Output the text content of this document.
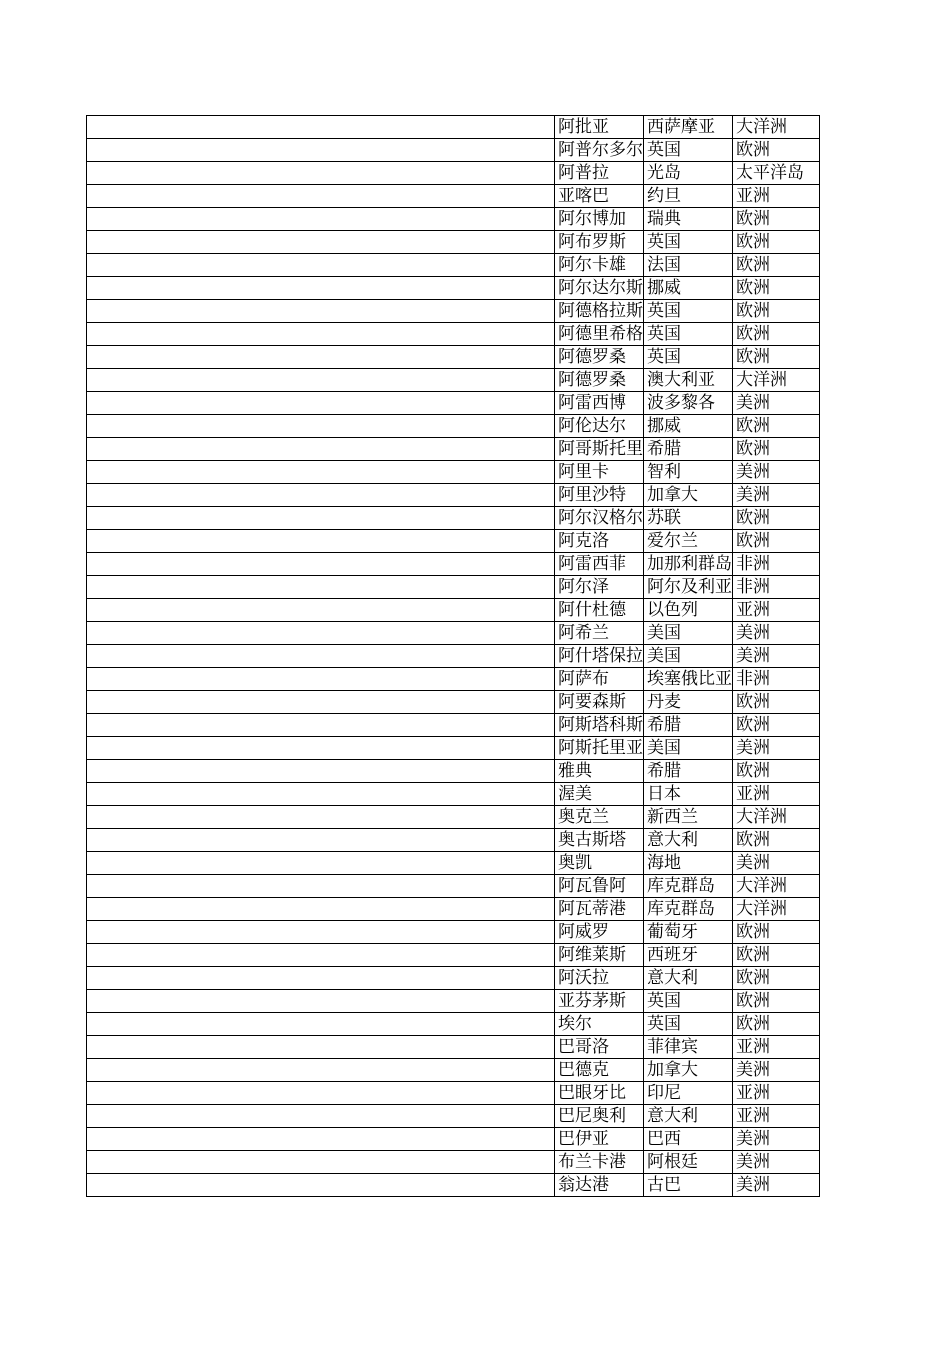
	阿批亚	西萨摩亚	大洋洲
	阿普尔多尔	英国	欧洲
	阿普拉	光岛	太平洋岛
	亚喀巴	约旦	亚洲
	阿尔博加	瑞典	欧洲
	阿布罗斯	英国	欧洲
	阿尔卡雄	法国	欧洲
	阿尔达尔斯	挪威	欧洲
	阿德格拉斯	英国	欧洲
	阿德里希格	英国	欧洲
	阿德罗桑	英国	欧洲
	阿德罗桑	澳大利亚	大洋洲
	阿雷西博	波多黎各	美洲
	阿伦达尔	挪威	欧洲
	阿哥斯托里	希腊	欧洲
	阿里卡	智利	美洲
	阿里沙特	加拿大	美洲
	阿尔汉格尔	苏联	欧洲
	阿克洛	爱尔兰	欧洲
	阿雷西菲	加那利群岛	非洲
	阿尔泽	阿尔及利亚	非洲
	阿什杜德	以色列	亚洲
	阿希兰	美国	美洲
	阿什塔保拉	美国	美洲
	阿萨布	埃塞俄比亚	非洲
	阿要森斯	丹麦	欧洲
	阿斯塔科斯	希腊	欧洲
	阿斯托里亚	美国	美洲
	雅典	希腊	欧洲
	渥美	日本	亚洲
	奥克兰	新西兰	大洋洲
	奥古斯塔	意大利	欧洲
	奥凯	海地	美洲
	阿瓦鲁阿	库克群岛	大洋洲
	阿瓦蒂港	库克群岛	大洋洲
	阿威罗	葡萄牙	欧洲
	阿维莱斯	西班牙	欧洲
	阿沃拉	意大利	欧洲
	亚芬茅斯	英国	欧洲
	埃尔	英国	欧洲
	巴哥洛	菲律宾	亚洲
	巴德克	加拿大	美洲
	巴眼牙比	印尼	亚洲
	巴尼奥利	意大利	亚洲
	巴伊亚	巴西	美洲
	布兰卡港	阿根廷	美洲
	翁达港	古巴	美洲
